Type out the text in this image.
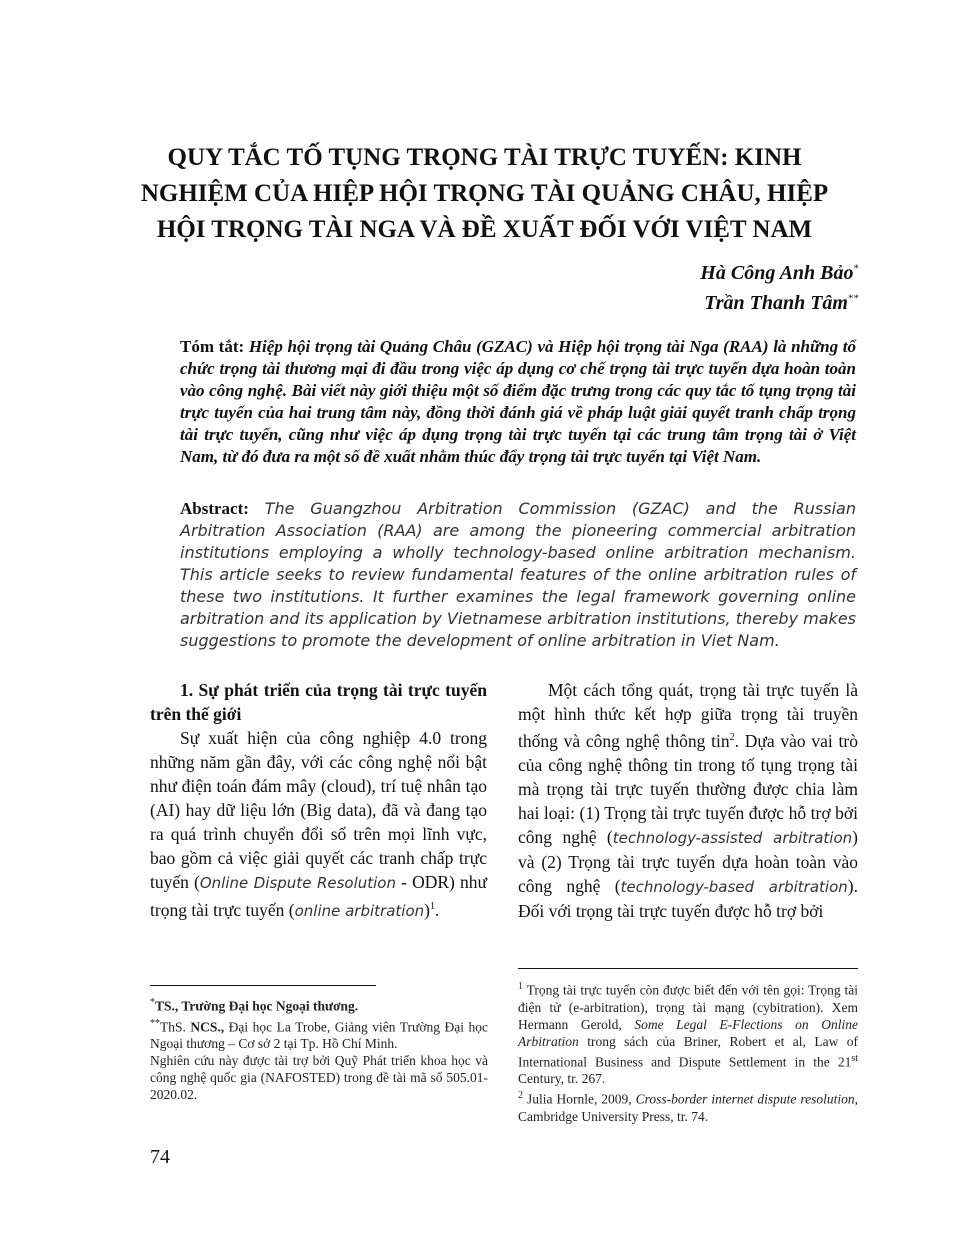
QUY TẮC TỐ TỤNG TRỌNG TÀI TRỰC TUYẾN: KINH
NGHIỆM CỦA HIỆP HỘI TRỌNG TÀI QUẢNG CHÂU, HIỆP
HỘI TRỌNG TÀI NGA VÀ ĐỀ XUẤT ĐỐI VỚI VIỆT NAM
Hà Công Anh Bảo*
Trần Thanh Tâm**
Tóm tắt: Hiệp hội trọng tài Quảng Châu (GZAC) và Hiệp hội trọng tài Nga (RAA) là những tổ chức trọng tài thương mại đi đầu trong việc áp dụng cơ chế trọng tài trực tuyến dựa hoàn toàn vào công nghệ. Bài viết này giới thiệu một số điểm đặc trưng trong các quy tắc tố tụng trọng tài trực tuyến của hai trung tâm này, đồng thời đánh giá về pháp luật giải quyết tranh chấp trọng tài trực tuyến, cũng như việc áp dụng trọng tài trực tuyến tại các trung tâm trọng tài ở Việt Nam, từ đó đưa ra một số đề xuất nhằm thúc đẩy trọng tài trực tuyến tại Việt Nam.
Abstract: The Guangzhou Arbitration Commission (GZAC) and the Russian Arbitration Association (RAA) are among the pioneering commercial arbitration institutions employing a wholly technology-based online arbitration mechanism. This article seeks to review fundamental features of the online arbitration rules of these two institutions. It further examines the legal framework governing online arbitration and its application by Vietnamese arbitration institutions, thereby makes suggestions to promote the development of online arbitration in Viet Nam.

1. Sự phát triển của trọng tài trực tuyến trên thế giới

Sự xuất hiện của công nghiệp 4.0 trong những năm gần đây, với các công nghệ nổi bật như điện toán đám mây (cloud), trí tuệ nhân tạo (AI) hay dữ liệu lớn (Big data), đã và đang tạo ra quá trình chuyển đổi số trên mọi lĩnh vực, bao gồm cả việc giải quyết các tranh chấp trực tuyến (Online Dispute Resolution - ODR) như trọng tài trực tuyến (online arbitration)$^1$.

Một cách tổng quát, trọng tài trực tuyến là một hình thức kết hợp giữa trọng tài truyền thống và công nghệ thông tin$^2$. Dựa vào vai trò của công nghệ thông tin trong tố tụng trọng tài mà trọng tài trực tuyến thường được chia làm hai loại: (1) Trọng tài trực tuyến được hỗ trợ bởi công nghệ (technology-assisted arbitration) và (2) Trọng tài trực tuyến dựa hoàn toàn vào công nghệ (technology-based arbitration). Đối với trọng tài trực tuyến được hỗ trợ bởi

*TS., Trường Đại học Ngoại thương.

**ThS. NCS., Đại học La Trobe, Giảng viên Trường Đại học Ngoại thương – Cơ sở 2 tại Tp. Hồ Chí Minh.

Nghiên cứu này được tài trợ bởi Quỹ Phát triển khoa học và công nghệ quốc gia (NAFOSTED) trong đề tài mã số 505.01-2020.02.

$^1$ Trọng tài trực tuyến còn được biết đến với tên gọi: Trọng tài điện tử (e-arbitration), trọng tài mạng (cybitration). Xem Hermann Gerold, Some Legal E-Flections on Online Arbitration trong sách của Briner, Robert et al, Law of International Business and Dispute Settlement in the 21st Century, tr. 267.

$^2$ Julia Hornle, 2009, Cross-border internet dispute resolution, Cambridge University Press, tr. 74.

74
